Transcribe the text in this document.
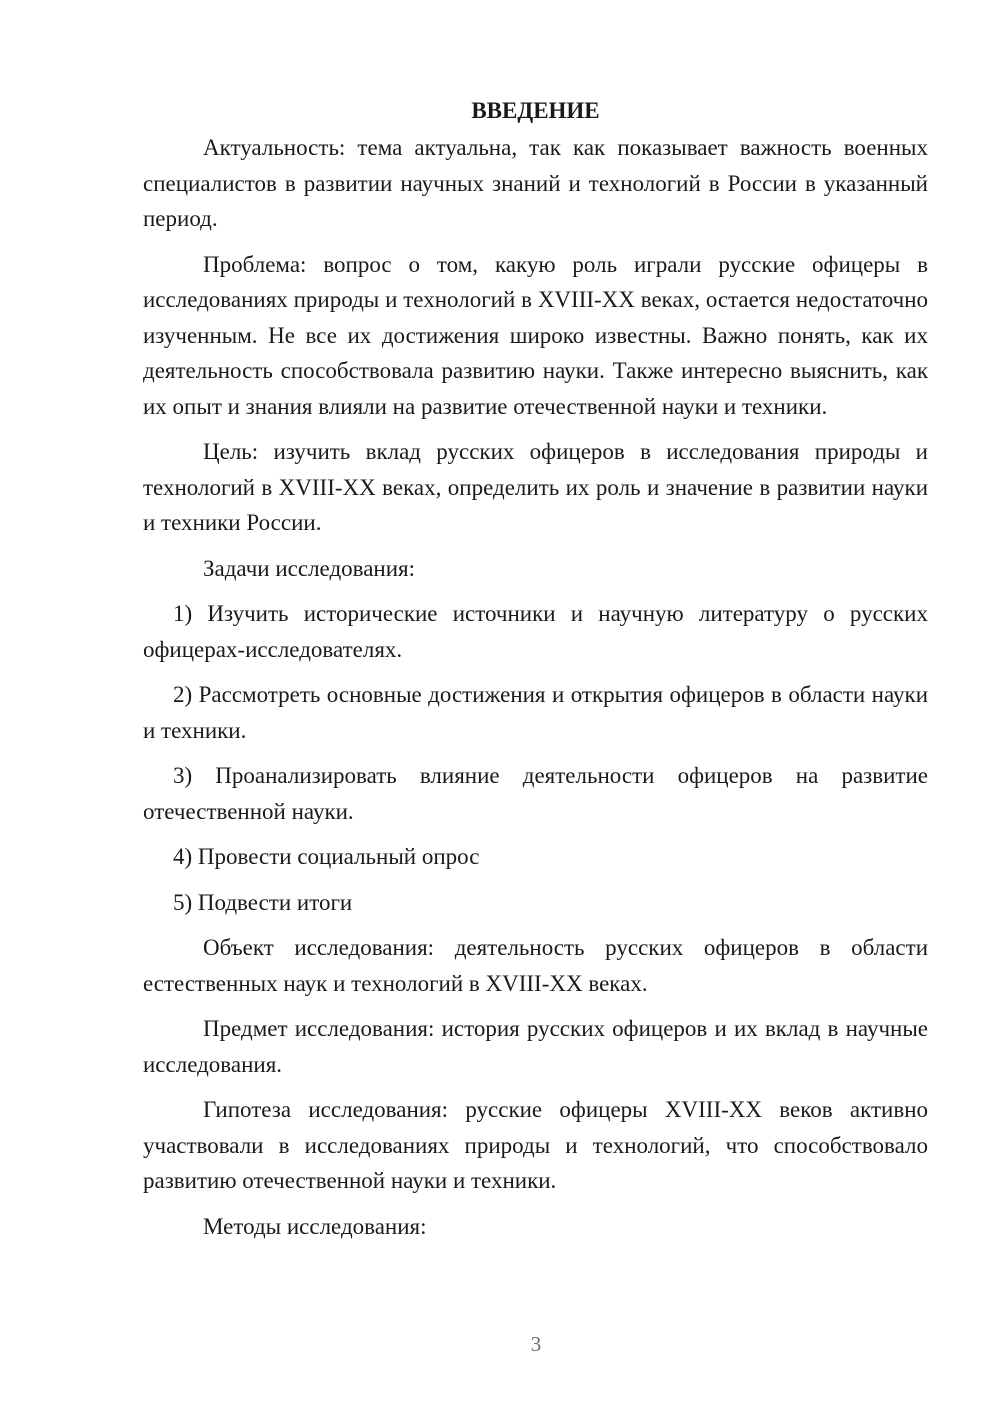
ВВЕДЕНИЕ

Актуальность: тема актуальна, так как показывает важность военных специалистов в развитии научных знаний и технологий в России в указанный период.

Проблема: вопрос о том, какую роль играли русские офицеры в исследованиях природы и технологий в XVIII-XX веках, остается недостаточно изученным. Не все их достижения широко известны. Важно понять, как их деятельность способствовала развитию науки. Также интересно выяснить, как их опыт и знания влияли на развитие отечественной науки и техники.

Цель: изучить вклад русских офицеров в исследования природы и технологий в XVIII-XX веках, определить их роль и значение в развитии науки и техники России.

Задачи исследования:

1) Изучить исторические источники и научную литературу о русских офицерах-исследователях.

2) Рассмотреть основные достижения и открытия офицеров в области науки и техники.

3) Проанализировать влияние деятельности офицеров на развитие отечественной науки.

4) Провести социальный опрос

5) Подвести итоги

Объект исследования: деятельность русских офицеров в области естественных наук и технологий в XVIII-XX веках.

Предмет исследования: история русских офицеров и их вклад в научные исследования.

Гипотеза исследования: русские офицеры XVIII-XX веков активно участвовали в исследованиях природы и технологий, что способствовало развитию отечественной науки и техники.

Методы исследования:

3
